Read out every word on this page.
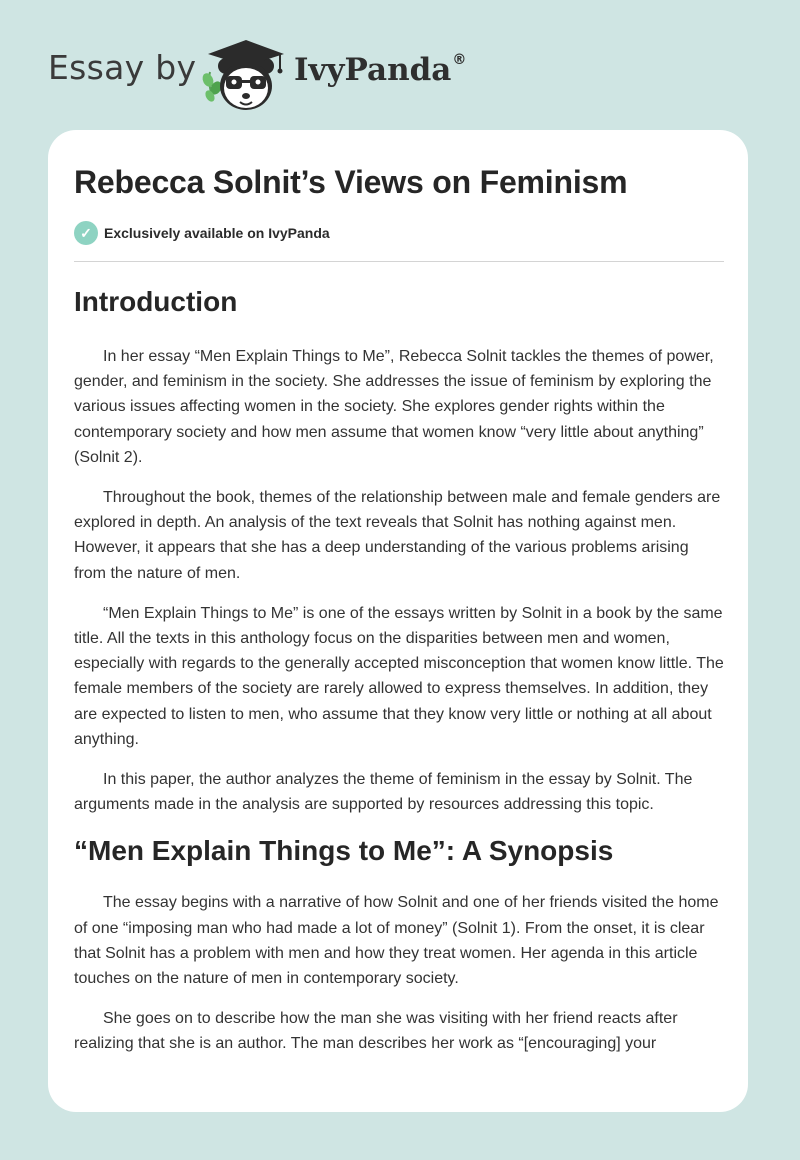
Essay by	IvyPanda®
Rebecca Solnit’s Views on Feminism
✓ Exclusively available on IvyPanda
Introduction

In her essay “Men Explain Things to Me”, Rebecca Solnit tackles the themes of power, gender, and feminism in the society. She addresses the issue of feminism by exploring the various issues affecting women in the society. She explores gender rights within the contemporary society and how men assume that women know “very little about anything” (Solnit 2).

Throughout the book, themes of the relationship between male and female genders are explored in depth. An analysis of the text reveals that Solnit has nothing against men. However, it appears that she has a deep understanding of the various problems arising from the nature of men.

“Men Explain Things to Me” is one of the essays written by Solnit in a book by the same title. All the texts in this anthology focus on the disparities between men and women, especially with regards to the generally accepted misconception that women know little. The female members of the society are rarely allowed to express themselves. In addition, they are expected to listen to men, who assume that they know very little or nothing at all about anything.

In this paper, the author analyzes the theme of feminism in the essay by Solnit. The arguments made in the analysis are supported by resources addressing this topic.

“Men Explain Things to Me”: A Synopsis

The essay begins with a narrative of how Solnit and one of her friends visited the home of one “imposing man who had made a lot of money” (Solnit 1). From the onset, it is clear that Solnit has a problem with men and how they treat women. Her agenda in this article touches on the nature of men in contemporary society.

She goes on to describe how the man she was visiting with her friend reacts after realizing that she is an author. The man describes her work as “[encouraging] your
